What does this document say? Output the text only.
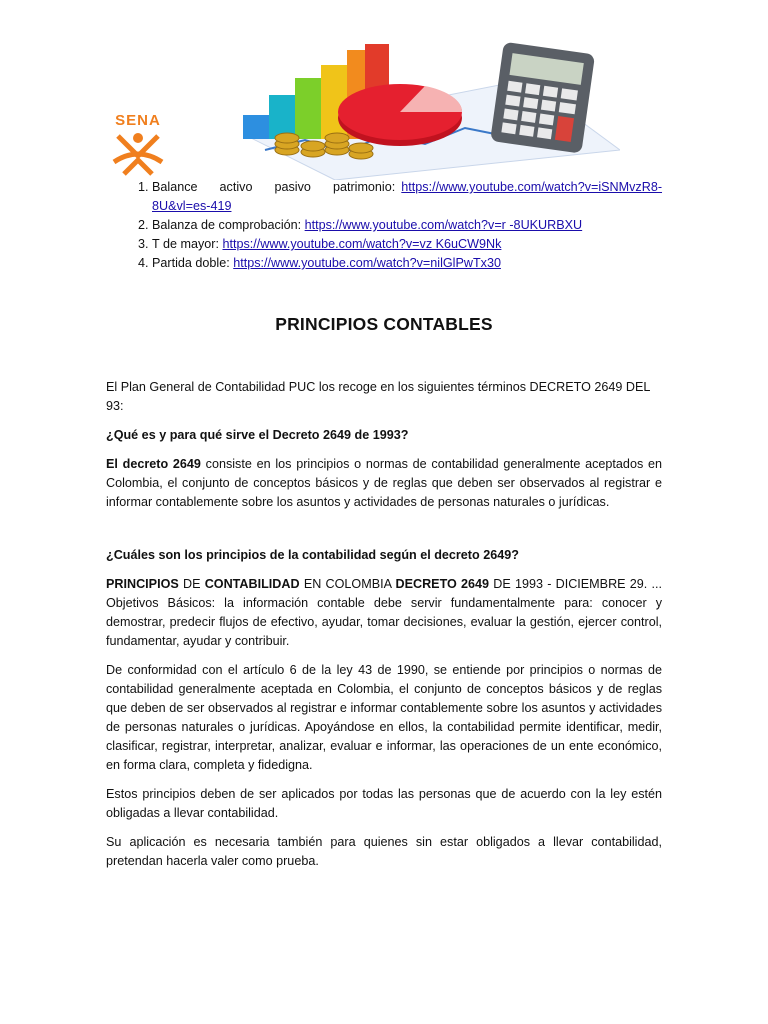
SENA
1. Balance activo pasivo patrimonio: https://www.youtube.com/watch?v=iSNMvzR8-8U&vl=es-419
2. Balanza de comprobación: https://www.youtube.com/watch?v=r -8UKURBXU
3. T de mayor: https://www.youtube.com/watch?v=vz K6uCW9Nk
4. Partida doble: https://www.youtube.com/watch?v=nilGlPwTx30
PRINCIPIOS CONTABLES

El Plan General de Contabilidad PUC los recoge en los siguientes términos DECRETO 2649 DEL 93:

¿Qué es y para qué sirve el Decreto 2649 de 1993?

El decreto 2649 consiste en los principios o normas de contabilidad generalmente aceptados en Colombia, el conjunto de conceptos básicos y de reglas que deben ser observados al registrar e informar contablemente sobre los asuntos y actividades de personas naturales o jurídicas.

¿Cuáles son los principios de la contabilidad según el decreto 2649?

PRINCIPIOS DE CONTABILIDAD EN COLOMBIA DECRETO 2649 DE 1993 - DICIEMBRE 29. ... Objetivos Básicos: la información contable debe servir fundamentalmente para: conocer y demostrar, predecir flujos de efectivo, ayudar, tomar decisiones, evaluar la gestión, ejercer control, fundamentar, ayudar y contribuir.

De conformidad con el artículo 6 de la ley 43 de 1990, se entiende por principios o normas de contabilidad generalmente aceptada en Colombia, el conjunto de conceptos básicos y de reglas que deben de ser observados al registrar e informar contablemente sobre los asuntos y actividades de personas naturales o jurídicas. Apoyándose en ellos, la contabilidad permite identificar, medir, clasificar, registrar, interpretar, analizar, evaluar e informar, las operaciones de un ente económico, en forma clara, completa y fidedigna.

Estos principios deben de ser aplicados por todas las personas que de acuerdo con la ley estén obligadas a llevar contabilidad.

Su aplicación es necesaria también para quienes sin estar obligados a llevar contabilidad, pretendan hacerla valer como prueba.
